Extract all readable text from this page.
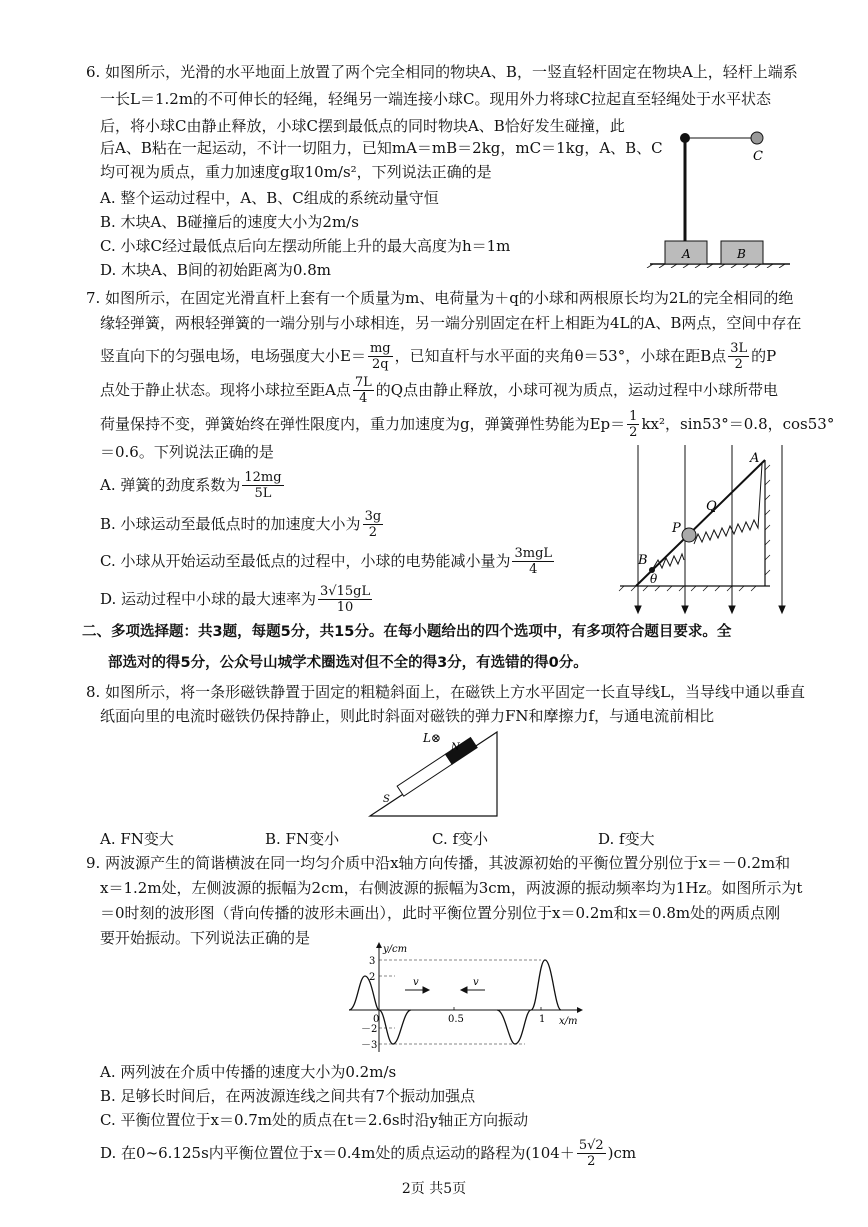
6. 如图所示，光滑的水平地面上放置了两个完全相同的物块A、B，一竖直轻杆固定在物块A上，轻杆上端系
一长L＝1.2m的不可伸长的轻绳，轻绳另一端连接小球C。现用外力将球C拉起直至轻绳处于水平状态
后，将小球C由静止释放，小球C摆到最低点的同时物块A、B恰好发生碰撞，此
后A、B粘在一起运动，不计一切阻力，已知mA＝mB＝2kg，mC＝1kg，A、B、C
均可视为质点，重力加速度g取10m/s²，下列说法正确的是
A. 整个运动过程中，A、B、C组成的系统动量守恒
B. 木块A、B碰撞后的速度大小为2m/s
C. 小球C经过最低点后向左摆动所能上升的最大高度为h＝1m
D. 木块A、B间的初始距离为0.8m
A	B
C
7. 如图所示，在固定光滑直杆上套有一个质量为m、电荷量为＋q的小球和两根原长均为2L的完全相同的绝
缘轻弹簧，两根轻弹簧的一端分别与小球相连，另一端分别固定在杆上相距为4L的A、B两点，空间中存在
竖直向下的匀强电场，电场强度大小$E= \frac{mg}{2q}$ ，已知直杆与水平面的夹角θ＝53°，小球在距B点 $\frac{3L}{2}$ 的P
点处于静止状态。现将小球拉至距A点 $\frac{7L}{4}$ 的Q点由静止释放，小球可视为质点，运动过程中小球所带电
荷量保持不变，弹簧始终在弹性限度内，重力加速度为g，弹簧弹性势能为$Ep= \frac{1}{2} kx^2$，sin53°＝0.8，cos53°
＝0.6。下列说法正确的是
A. 弹簧的劲度系数为 $\frac{12mg}{5L}$
B. 小球运动至最低点时的加速度大小为 $\frac{3g}{2}$
C. 小球从开始运动至最低点的过程中，小球的电势能减小量为 $\frac{\text{3mgL}}{4}$
D. 运动过程中小球的最大速率为 $\frac{3√15gL}{10}$
P
Q
A
B
θ
二、多项选择题：共3题，每题5分，共15分。在每小题给出的四个选项中，有多项符合题目要求。全
部选对的得5分，公众号山城学术圈选对但不全的得3分，有选错的得0分。
8. 如图所示，将一条形磁铁静置于固定的粗糙斜面上，在磁铁上方水平固定一长直导线L，当导线中通以垂直
纸面向里的电流时磁铁仍保持静止，则此时斜面对磁铁的弹力FN和摩擦力f，与通电流前相比
S
N
L⊗
A. FN变大	B. FN变小	C. f变小	D. f变大
9. 两波源产生的简谐横波在同一均匀介质中沿x轴方向传播，其波源初始的平衡位置分别位于x＝－0.2m和
x＝1.2m处，左侧波源的振幅为2cm，右侧波源的振幅为3cm，两波源的振动频率均为1Hz。如图所示为t
＝0时刻的波形图（背向传播的波形未画出），此时平衡位置分别位于x＝0.2m和x＝0.8m处的两质点刚
要开始振动。下列说法正确的是
y/cm
x/m
3
2
－2
－3
0	0.5	1
v	v
A. 两列波在介质中传播的速度大小为0.2m/s
B. 足够长时间后，在两波源连线之间共有7个振动加强点
C. 平衡位置位于x＝0.7m处的质点在t＝2.6s时沿y轴正方向振动
D. 在0~6.125s内平衡位置位于x＝0.4m处的质点运动的路程为 $(104+ \frac{5√2}{2} )cm$
2页 共5页
